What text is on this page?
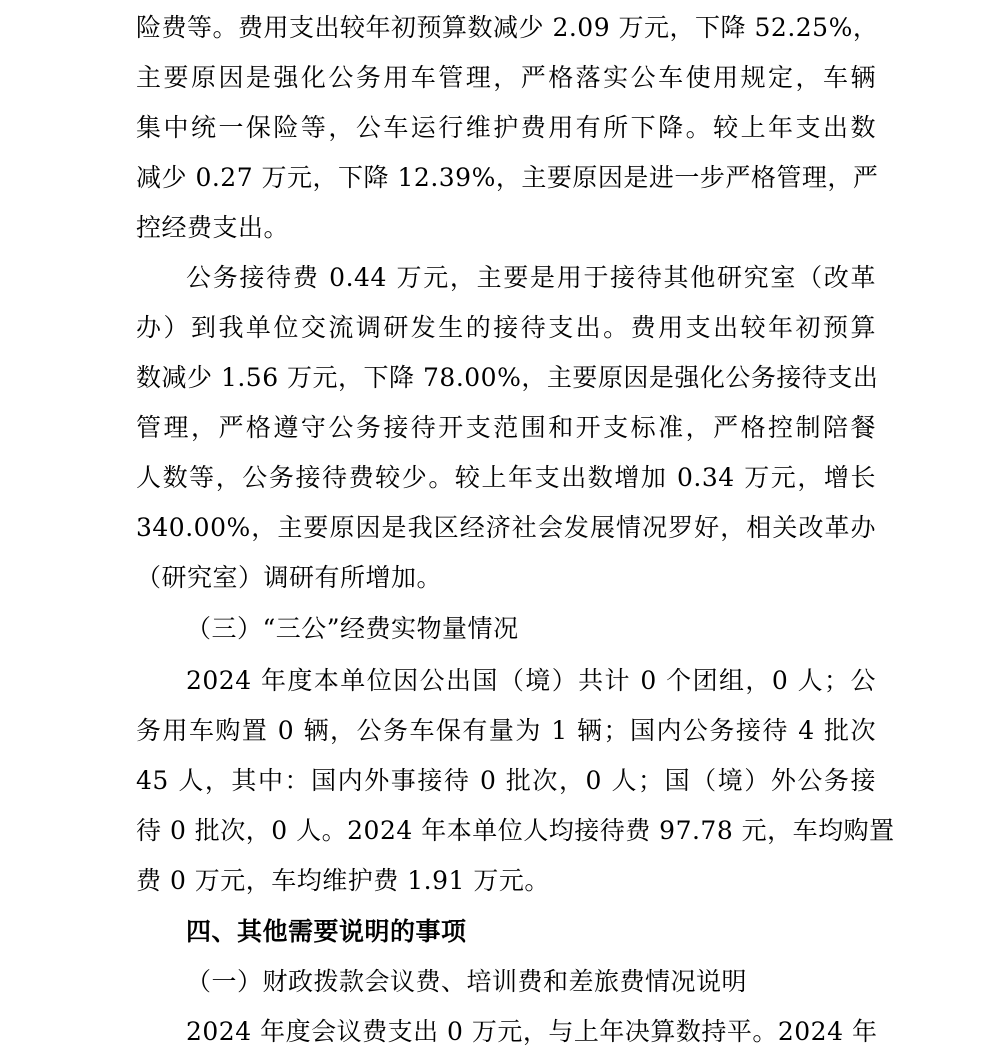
险费等。费用支出较年初预算数减少 2.09 万元，下降 52.25%，
主要原因是强化公务用车管理，严格落实公车使用规定，车辆
集中统一保险等，公车运行维护费用有所下降。较上年支出数
减少 0.27 万元，下降 12.39%，主要原因是进一步严格管理，严
控经费支出。
公务接待费 0.44 万元，主要是用于接待其他研究室（改革
办）到我单位交流调研发生的接待支出。费用支出较年初预算
数减少 1.56 万元，下降 78.00%，主要原因是强化公务接待支出
管理，严格遵守公务接待开支范围和开支标准，严格控制陪餐
人数等，公务接待费较少。较上年支出数增加 0.34 万元，增长
340.00%，主要原因是我区经济社会发展情况罗好，相关改革办
（研究室）调研有所增加。
（三）“三公”经费实物量情况
2024 年度本单位因公出国（境）共计 0 个团组，0 人；公
务用车购置 0 辆，公务车保有量为 1 辆；国内公务接待 4 批次
45 人，其中：国内外事接待 0 批次，0 人；国（境）外公务接
待 0 批次，0 人。2024 年本单位人均接待费 97.78 元，车均购置
费 0 万元，车均维护费 1.91 万元。
四、其他需要说明的事项
（一）财政拨款会议费、培训费和差旅费情况说明
2024 年度会议费支出 0 万元，与上年决算数持平。2024 年
